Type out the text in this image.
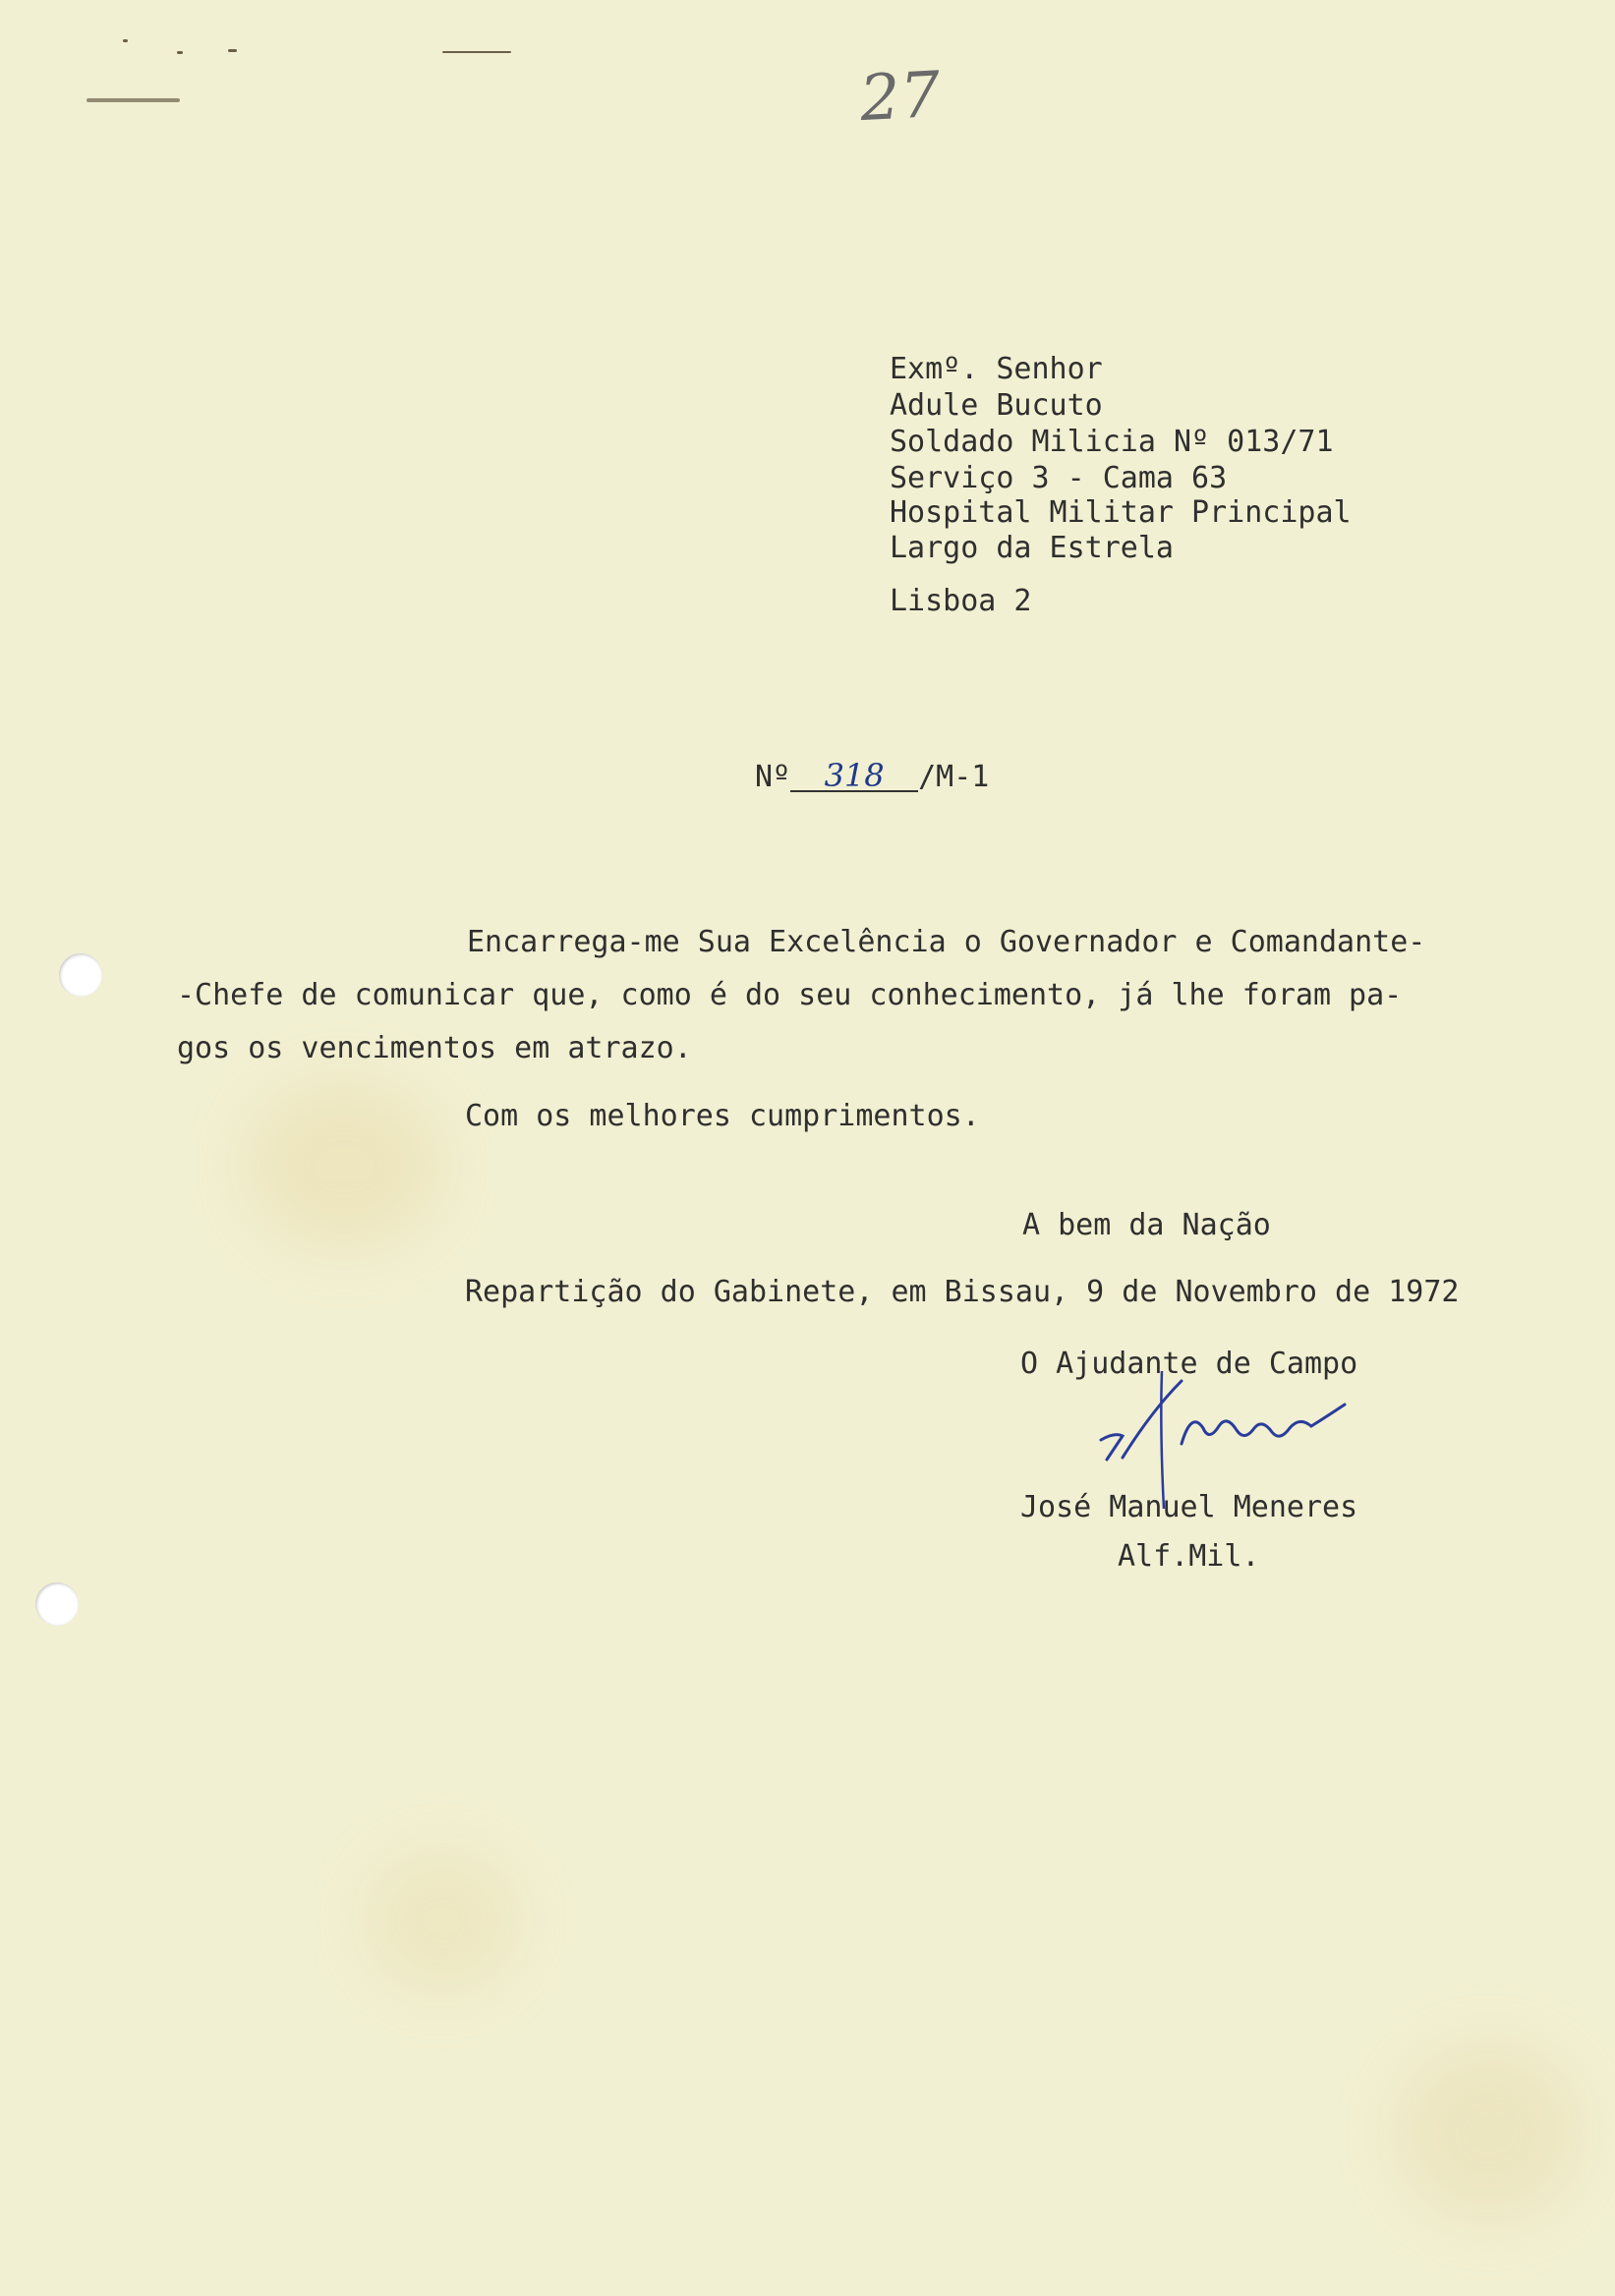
27
Exmº. Senhor
Adule Bucuto
Soldado Milicia Nº 013/71
Serviço 3 - Cama 63
Hospital Militar Principal
Largo da Estrela
Lisboa 2
Nº 318 /M-1
Encarrega-me Sua Excelência o Governador e Comandante-
-Chefe de comunicar que, como é do seu conhecimento, já lhe foram pa-
gos os vencimentos em atrazo.
Com os melhores cumprimentos.
A bem da Nação
Repartição do Gabinete, em Bissau, 9 de Novembro de 1972
O Ajudante de Campo
José Manuel Meneres
Alf.Mil.
